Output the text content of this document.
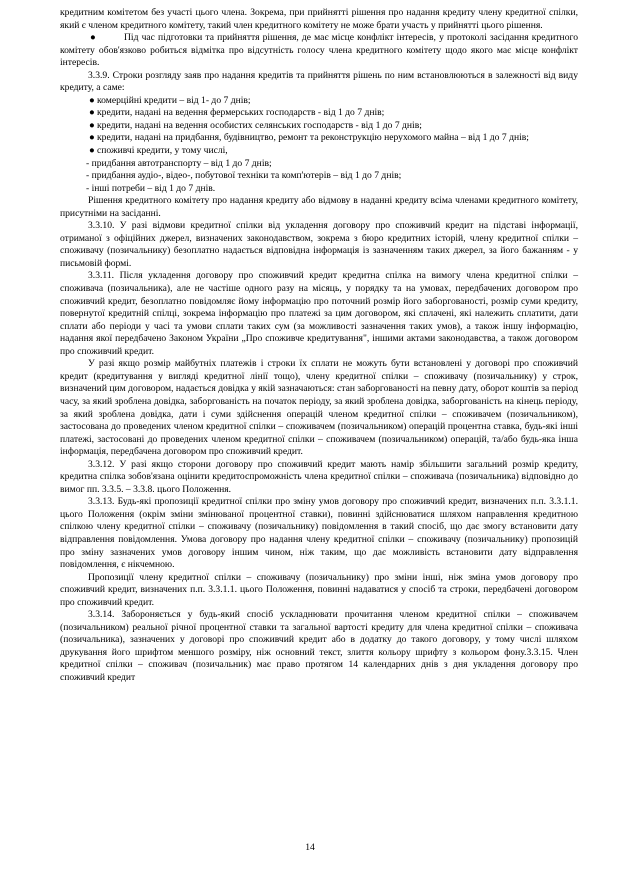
кредитним комітетом без участі цього члена. Зокрема, при прийнятті рішення про надання кредиту члену кредитної спілки, який є членом кредитного комітету, такий член кредитного комітету не може брати участь у прийнятті цього рішення.

●	Під час підготовки та прийняття рішення, де має місце конфлікт інтересів, у протоколі засідання кредитного комітету обов'язково робиться відмітка про відсутність голосу члена кредитного комітету щодо якого має місце конфлікт інтересів.

3.3.9. Строки розгляду заяв про надання кредитів та прийняття рішень по ним встановлюються в залежності від виду кредиту, а саме:

● комерційні кредити – від 1- до 7 днів;

● кредити, надані на ведення фермерських господарств - від 1 до 7 днів;

● кредити, надані на ведення особистих селянських господарств - від 1 до 7 днів;

● кредити, надані на придбання, будівництво, ремонт та реконструкцію нерухомого майна – від 1 до 7 днів;

● споживчі кредити, у тому числі,

- придбання автотранспорту – від 1 до 7 днів;

- придбання аудіо-, відео-, побутової техніки та комп'ютерів – від 1 до 7 днів;

- інші потреби – від 1 до 7 днів.

Рішення кредитного комітету про надання кредиту або відмову в наданні кредиту всіма членами кредитного комітету, присутніми на засіданні.

3.3.10. У разі відмови кредитної спілки від укладення договору про споживчий кредит на підставі інформації, отриманої з офіційних джерел, визначених законодавством, зокрема з бюро кредитних історій, члену кредитної спілки – споживачу (позичальнику) безоплатно надається відповідна інформація із зазначенням таких джерел, за його бажанням - у письмовій формі.

3.3.11. Після укладення договору про споживчий кредит кредитна спілка на вимогу члена кредитної спілки – споживача (позичальника), але не частіше одного разу на місяць, у порядку та на умовах, передбачених договором про споживчий кредит, безоплатно повідомляє йому інформацію про поточний розмір його заборгованості, розмір суми кредиту, повернутої кредитній спілці, зокрема інформацію про платежі за цим договором, які сплачені, які належить сплатити, дати сплати або періоди у часі та умови сплати таких сум (за можливості зазначення таких умов), а також іншу інформацію, надання якої передбачено Законом України „Про споживче кредитування", іншими актами законодавства, а також договором про споживчий кредит.

У разі якщо розмір майбутніх платежів і строки їх сплати не можуть бути встановлені у договорі про споживчий кредит (кредитування у вигляді кредитної лінії тощо), члену кредитної спілки – споживачу (позичальнику) у строк, визначений цим договором, надається довідка у якій зазначаються: стан заборгованості на певну дату, оборот коштів за період часу, за який зроблена довідка, заборгованість на початок періоду, за який зроблена довідка, заборгованість на кінець періоду, за який зроблена довідка, дати і суми здійснення операцій членом кредитної спілки – споживачем (позичальником), застосована до проведених членом кредитної спілки – споживачем (позичальником) операцій процентна ставка, будь-які інші платежі, застосовані до проведених членом кредитної спілки – споживачем (позичальником) операцій, та/або будь-яка інша інформація, передбачена договором про споживчий кредит.

3.3.12. У разі якщо сторони договору про споживчий кредит мають намір збільшити загальний розмір кредиту, кредитна спілка зобов'язана оцінити кредитоспроможність члена кредитної спілки – споживача (позичальника) відповідно до вимог пп. 3.3.5. – 3.3.8. цього Положення.

3.3.13. Будь-які пропозиції кредитної спілки про зміну умов договору про споживчий кредит, визначених п.п. 3.3.1.1. цього Положення (окрім зміни змінюваної процентної ставки), повинні здійснюватися шляхом направлення кредитною спілкою члену кредитної спілки – споживачу (позичальнику) повідомлення в такий спосіб, що дає змогу встановити дату відправлення повідомлення. Умова договору про надання члену кредитної спілки – споживачу (позичальнику) пропозицій про зміну зазначених умов договору іншим чином, ніж таким, що дає можливість встановити дату відправлення повідомлення, є нікчемною.

Пропозиції члену кредитної спілки – споживачу (позичальнику) про зміни інші, ніж зміна умов договору про споживчий кредит, визначених п.п. 3.3.1.1. цього Положення, повинні надаватися у спосіб та строки, передбачені договором про споживчий кредит.

3.3.14. Забороняється у будь-який спосіб ускладнювати прочитання членом кредитної спілки – споживачем (позичальником) реальної річної процентної ставки та загальної вартості кредиту для члена кредитної спілки – споживача (позичальника), зазначених у договорі про споживчий кредит або в додатку до такого договору, у тому числі шляхом друкування його шрифтом меншого розміру, ніж основний текст, злиття кольору шрифту з кольором фону.3.3.15. Член кредитної спілки – споживач (позичальник) має право протягом 14 календарних днів з дня укладення договору про споживчий кредит

14
